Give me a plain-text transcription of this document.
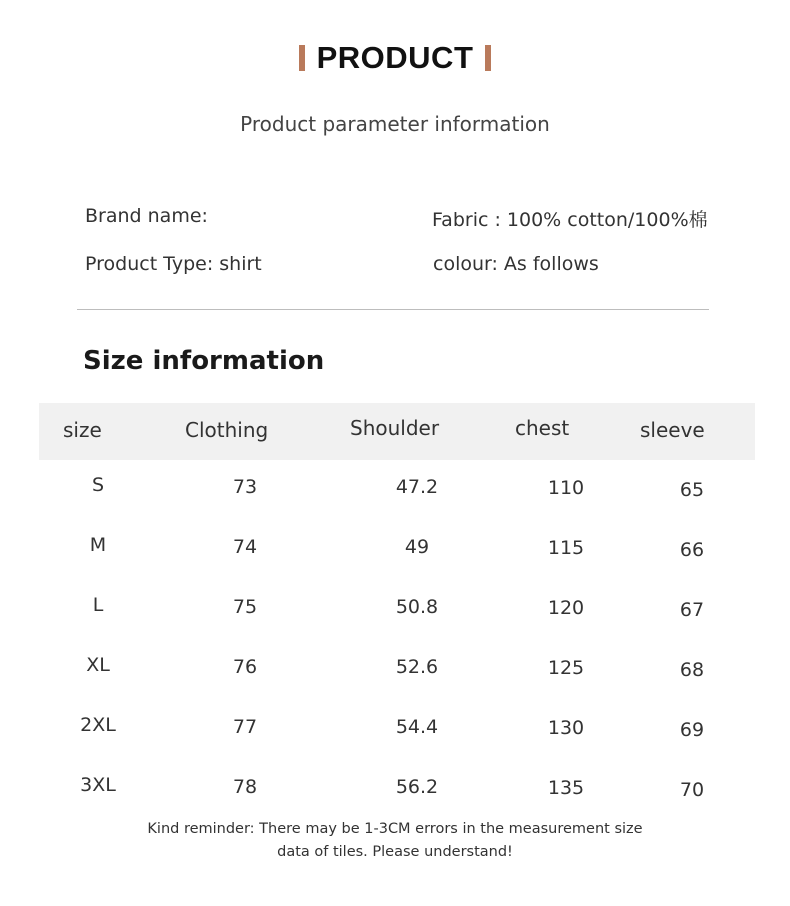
PRODUCT
Product parameter information
Brand name:	Fabric : 100% cotton/100%棉
Product Type: shirt	colour: As follows
Size information
size	Clothing	Shoulder	chest	sleeve
S	73	47.2	110	65
M	74	49	115	66
L	75	50.8	120	67
XL	76	52.6	125	68
2XL	77	54.4	130	69
3XL	78	56.2	135	70
Kind reminder: There may be 1-3CM errors in the measurement size
data of tiles. Please understand!
